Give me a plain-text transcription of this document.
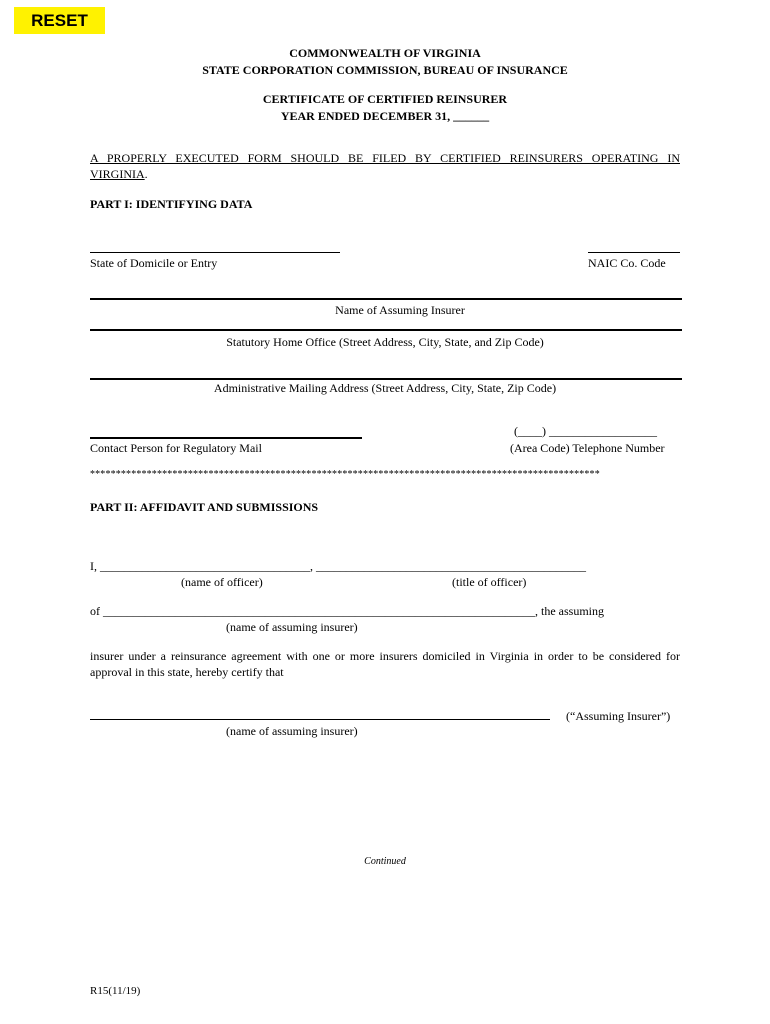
RESET
COMMONWEALTH OF VIRGINIA
STATE CORPORATION COMMISSION, BUREAU OF INSURANCE
CERTIFICATE OF CERTIFIED REINSURER
YEAR ENDED DECEMBER 31, ______
A PROPERLY EXECUTED FORM SHOULD BE FILED BY CERTIFIED REINSURERS OPERATING IN
VIRGINIA.
PART I: IDENTIFYING DATA
State of Domicile or Entry	NAIC Co. Code
Name of Assuming Insurer
Statutory Home Office (Street Address, City, State, and Zip Code)
Administrative Mailing Address (Street Address, City, State, Zip Code)
Contact Person for Regulatory Mail
(____) __________________
(Area Code) Telephone Number
***************************************************************************************************
PART II: AFFIDAVIT AND SUBMISSIONS
I, ___________________________________, _____________________________________________
(name of officer)	(title of officer)
of ________________________________________________________________________, the assuming
(name of assuming insurer)
insurer under a reinsurance agreement with one or more insurers domiciled in Virginia in order to be considered for
approval in this state, hereby certify that
(“Assuming Insurer”)
(name of assuming insurer)
Continued
R15(11/19)
